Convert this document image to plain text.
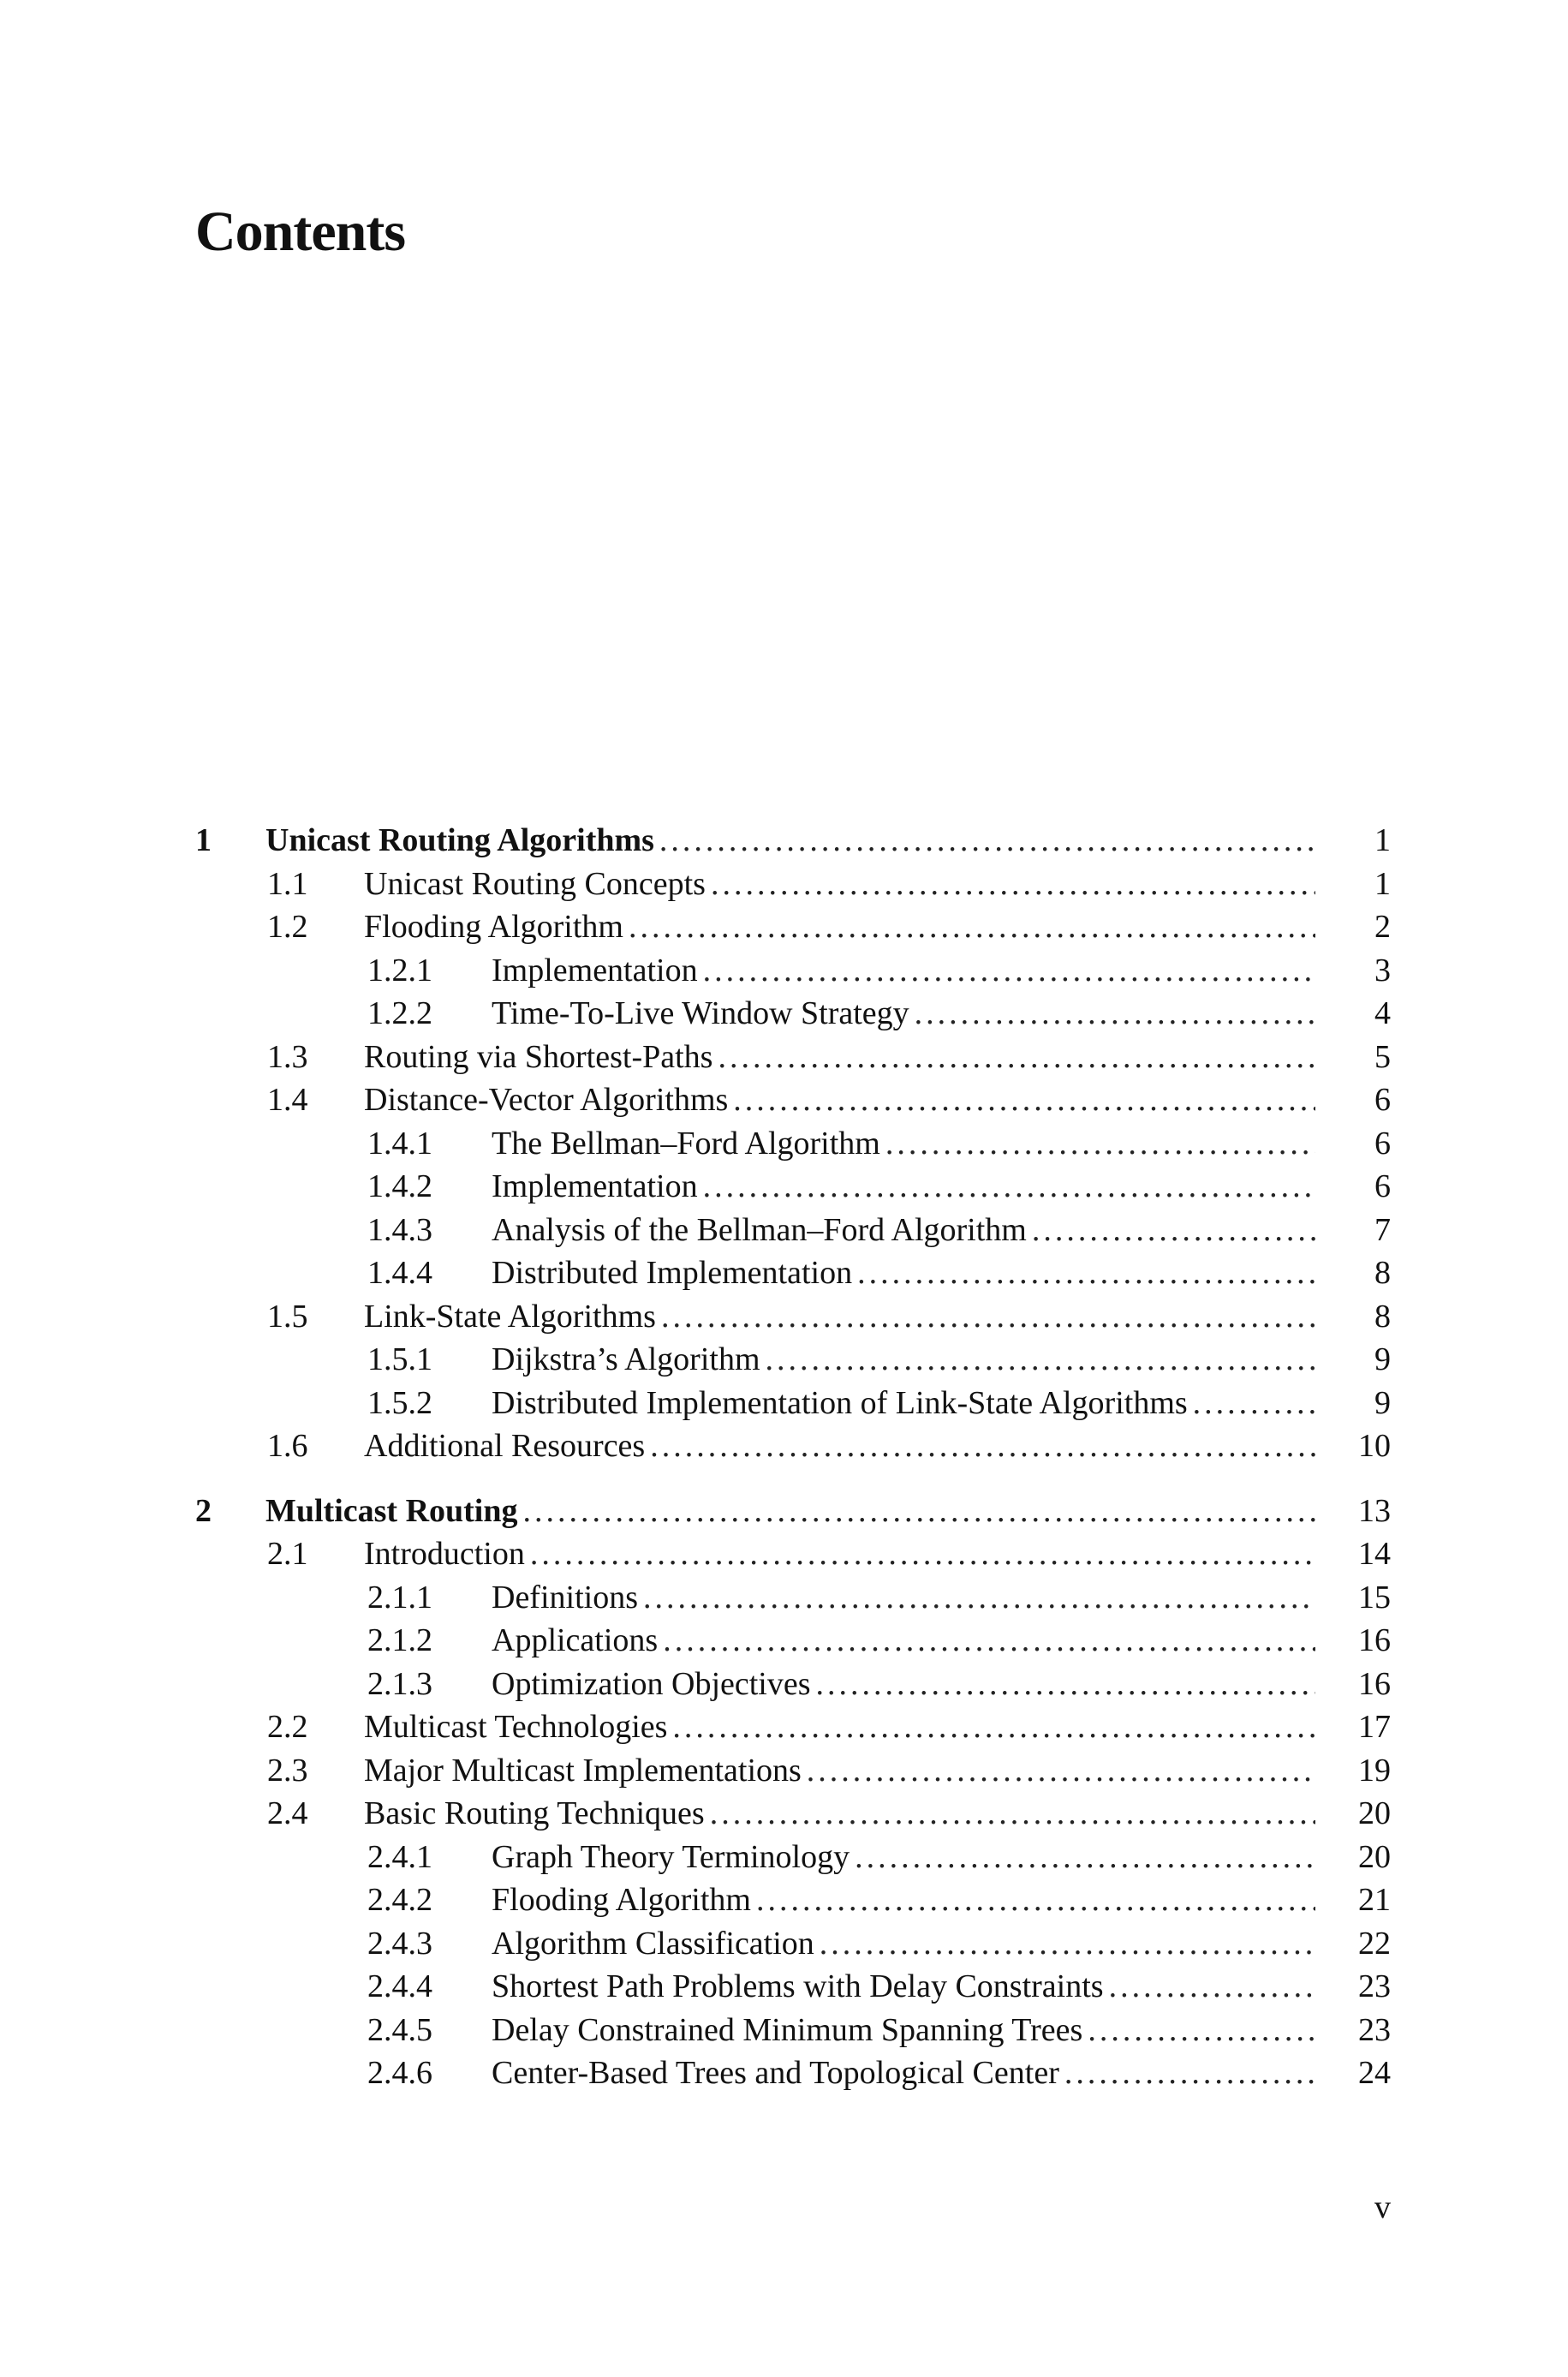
Contents
1 Unicast Routing Algorithms .....	1
1.1 Unicast Routing Concepts .....	1
1.2 Flooding Algorithm .....	2
1.2.1 Implementation .....	3
1.2.2 Time-To-Live Window Strategy .....	4
1.3 Routing via Shortest-Paths .....	5
1.4 Distance-Vector Algorithms .....	6
1.4.1 The Bellman–Ford Algorithm .....	6
1.4.2 Implementation .....	6
1.4.3 Analysis of the Bellman–Ford Algorithm .....	7
1.4.4 Distributed Implementation .....	8
1.5 Link-State Algorithms .....	8
1.5.1 Dijkstra’s Algorithm .....	9
1.5.2 Distributed Implementation of Link-State Algorithms .....	9
1.6 Additional Resources .....	10
2 Multicast Routing .....	13
2.1 Introduction .....	14
2.1.1 Definitions .....	15
2.1.2 Applications .....	16
2.1.3 Optimization Objectives .....	16
2.2 Multicast Technologies .....	17
2.3 Major Multicast Implementations .....	19
2.4 Basic Routing Techniques .....	20
2.4.1 Graph Theory Terminology .....	20
2.4.2 Flooding Algorithm .....	21
2.4.3 Algorithm Classification .....	22
2.4.4 Shortest Path Problems with Delay Constraints .....	23
2.4.5 Delay Constrained Minimum Spanning Trees .....	23
2.4.6 Center-Based Trees and Topological Center .....	24
v
